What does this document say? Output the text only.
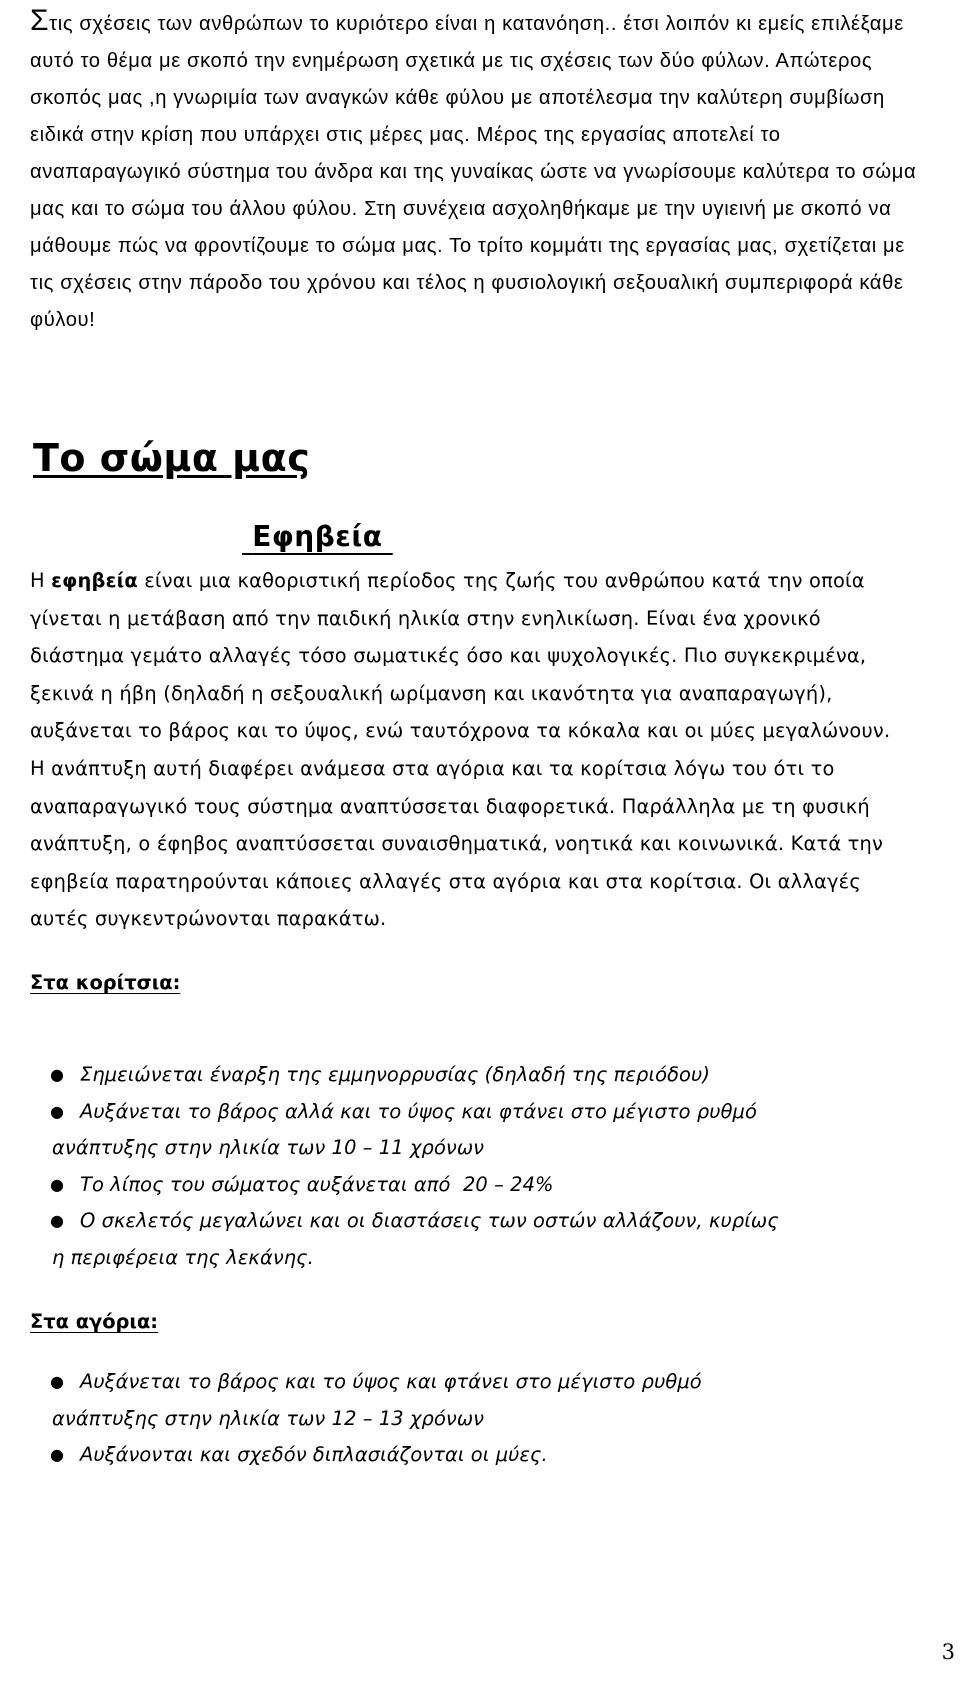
Στις σχέσεις των ανθρώπων το κυριότερο είναι η κατανόηση.. έτσι λοιπόν κι εμείς επιλέξαμε αυτό το θέμα με σκοπό την ενημέρωση σχετικά με τις σχέσεις των δύο φύλων. Απώτερος σκοπός μας ,η γνωριμία των αναγκών κάθε φύλου με αποτέλεσμα την καλύτερη συμβίωση ειδικά στην κρίση που υπάρχει στις μέρες μας. Μέρος της εργασίας αποτελεί το αναπαραγωγικό σύστημα του άνδρα και της γυναίκας ώστε να γνωρίσουμε καλύτερα το σώμα μας και το σώμα του άλλου φύλου. Στη συνέχεια ασχοληθήκαμε με την υγιεινή με σκοπό να μάθουμε πώς να φροντίζουμε το σώμα μας. Το τρίτο κομμάτι της εργασίας μας, σχετίζεται με τις σχέσεις στην πάροδο του χρόνου και τέλος η φυσιολογική σεξουαλική συμπεριφορά κάθε φύλου!

Το σώμα μας
Εφηβεία

Η εφηβεία είναι μια καθοριστική περίοδος της ζωής του ανθρώπου κατά την οποία γίνεται η μετάβαση από την παιδική ηλικία στην ενηλικίωση. Είναι ένα χρονικό διάστημα γεμάτο αλλαγές τόσο σωματικές όσο και ψυχολογικές. Πιο συγκεκριμένα, ξεκινά η ήβη (δηλαδή η σεξουαλική ωρίμανση και ικανότητα για αναπαραγωγή), αυξάνεται το βάρος και το ύψος, ενώ ταυτόχρονα τα κόκαλα και οι μύες μεγαλώνουν. Η ανάπτυξη αυτή διαφέρει ανάμεσα στα αγόρια και τα κορίτσια λόγω του ότι το αναπαραγωγικό τους σύστημα αναπτύσσεται διαφορετικά. Παράλληλα με τη φυσική ανάπτυξη, ο έφηβος αναπτύσσεται συναισθηματικά, νοητικά και κοινωνικά. Κατά την εφηβεία παρατηρούνται κάποιες αλλαγές στα αγόρια και στα κορίτσια. Οι αλλαγές αυτές συγκεντρώνονται παρακάτω.

Στα κορίτσια:
● Σημειώνεται έναρξη της εμμηνορρυσίας (δηλαδή της περιόδου)
● Αυξάνεται το βάρος αλλά και το ύψος και φτάνει στο μέγιστο ρυθμό
ανάπτυξης στην ηλικία των 10 – 11 χρόνων
● Το λίπος του σώματος αυξάνεται από  20 – 24%
● Ο σκελετός μεγαλώνει και οι διαστάσεις των οστών αλλάζουν, κυρίως
η περιφέρεια της λεκάνης.
Στα αγόρια:
● Αυξάνεται το βάρος και το ύψος και φτάνει στο μέγιστο ρυθμό
ανάπτυξης στην ηλικία των 12 – 13 χρόνων
● Αυξάνονται και σχεδόν διπλασιάζονται οι μύες.
3
